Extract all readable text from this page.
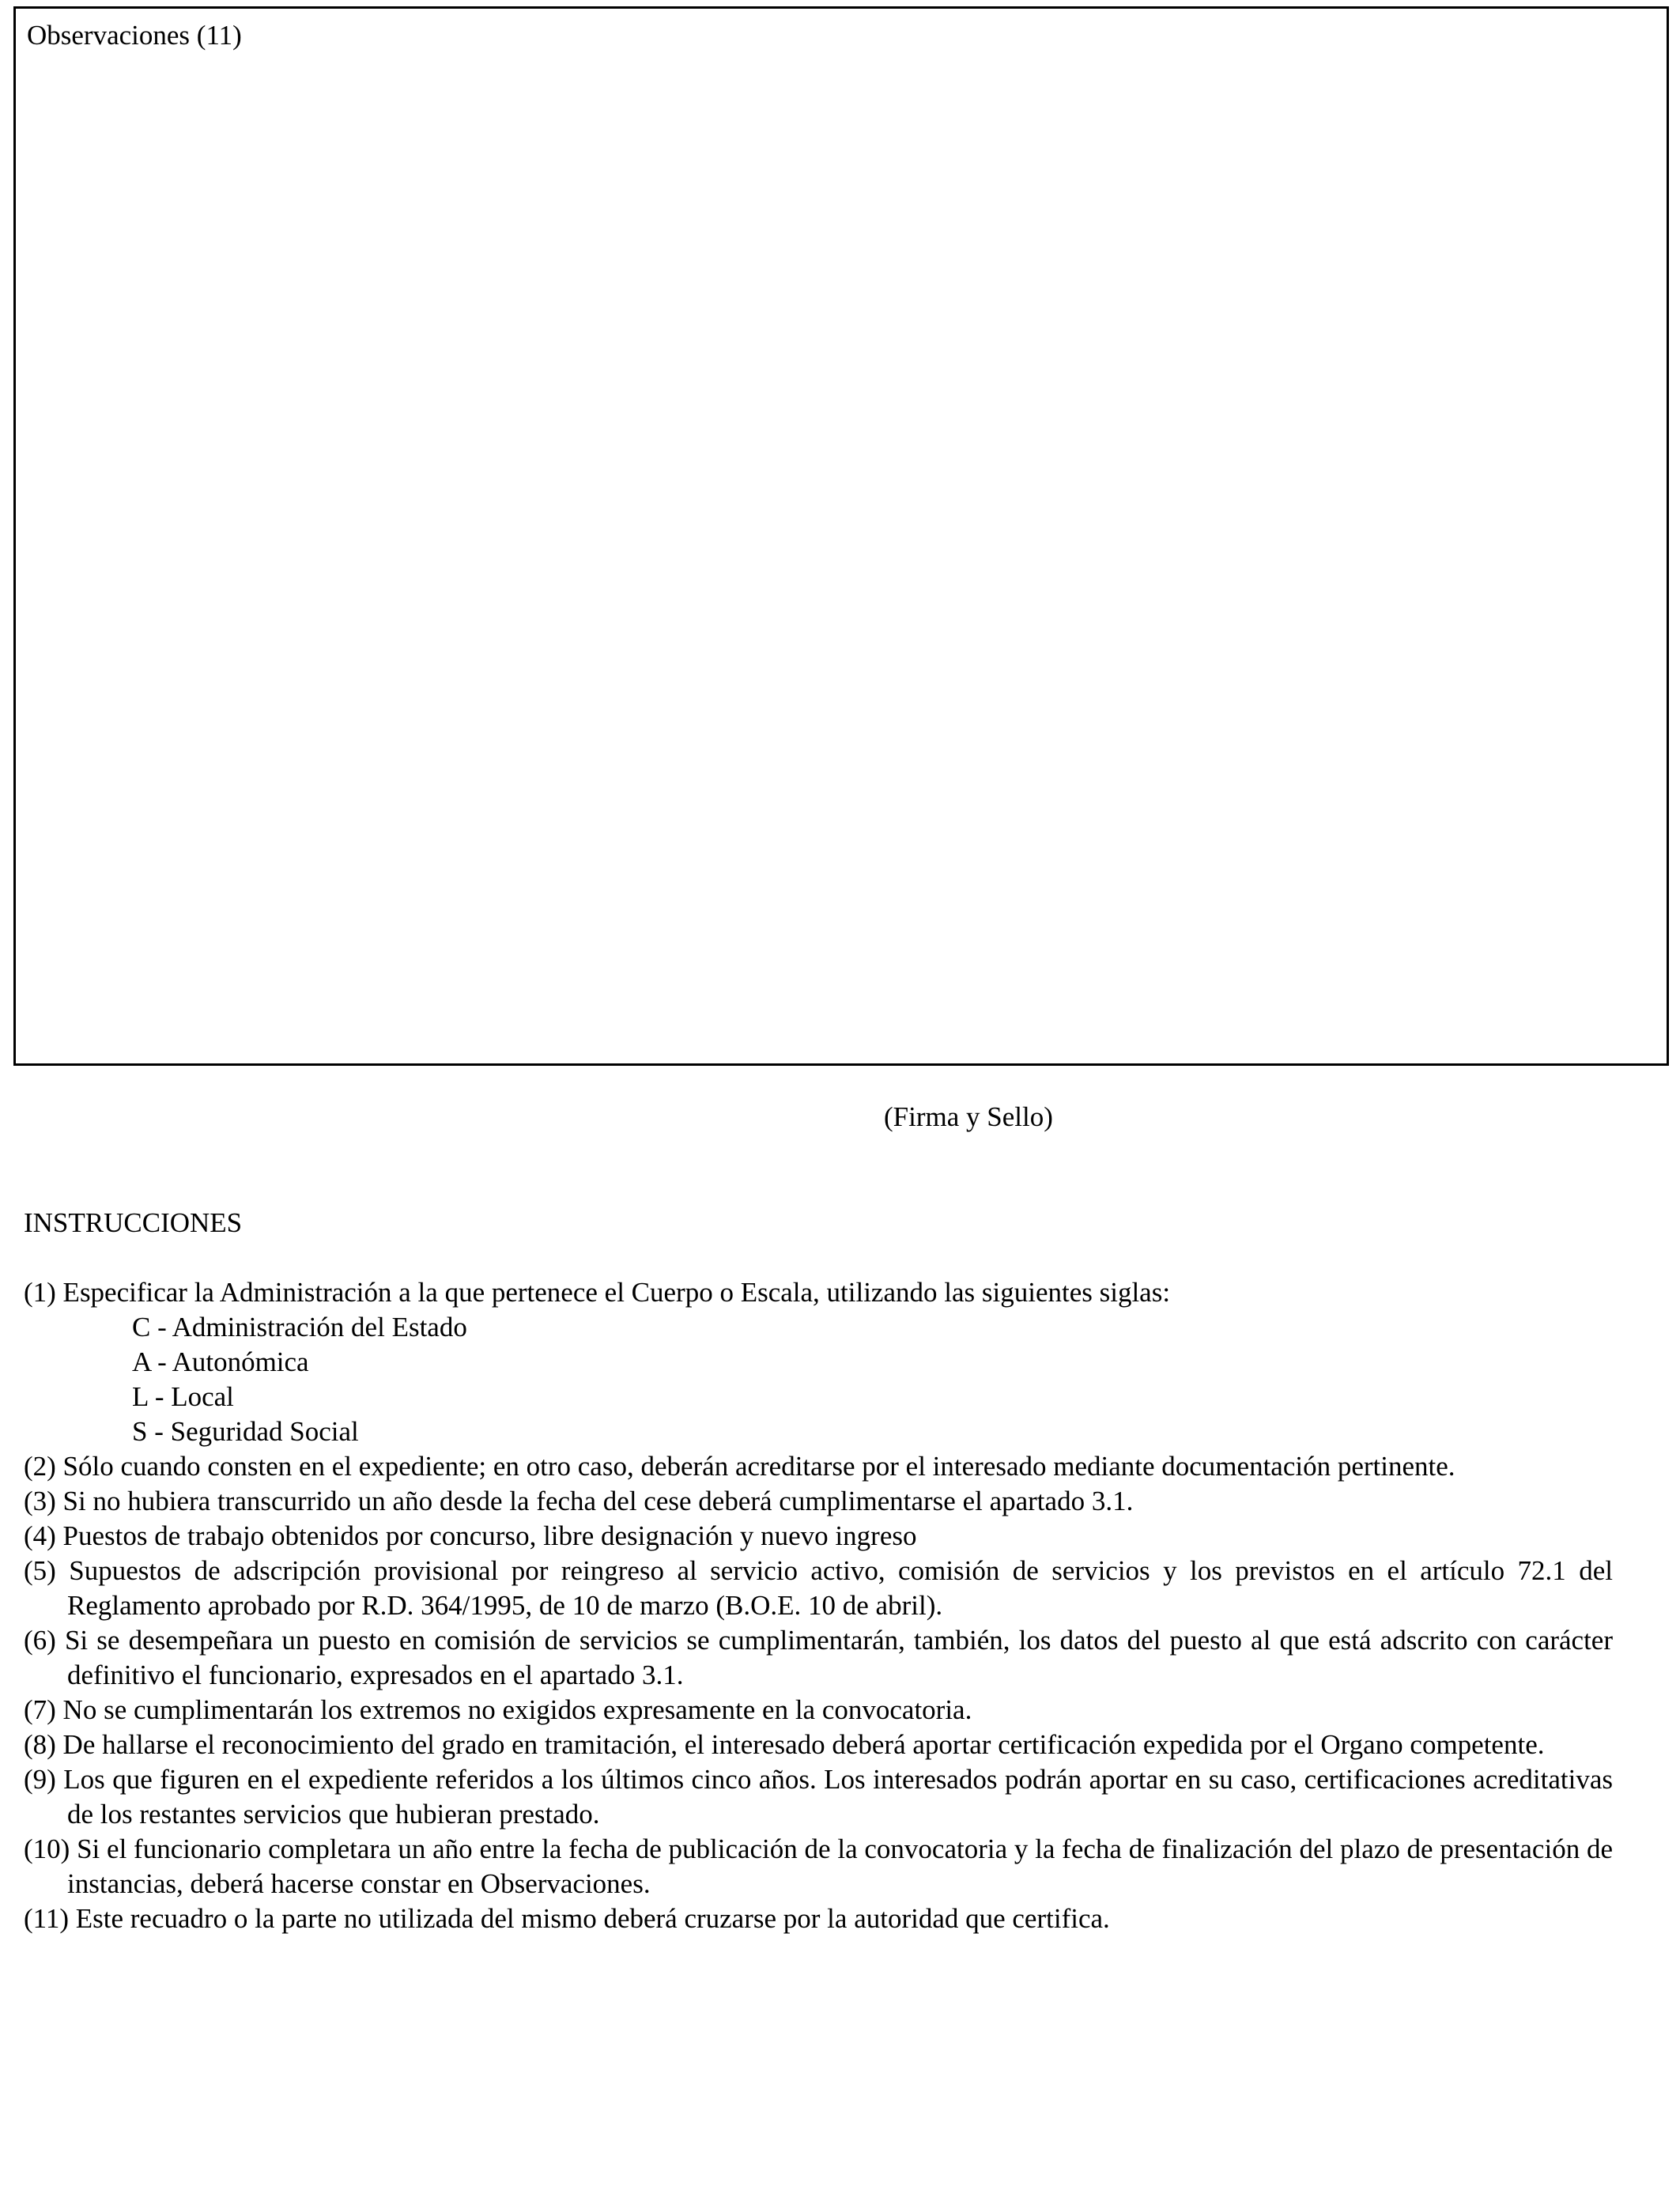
Observaciones (11)
(Firma y Sello)
INSTRUCCIONES

(1) Especificar la Administración a la que pertenece el Cuerpo o Escala, utilizando las siguientes siglas:

C - Administración del Estado
A - Autonómica
L - Local
S - Seguridad Social

(2) Sólo cuando consten en el expediente; en otro caso, deberán acreditarse por el interesado mediante documentación pertinente.

(3) Si no hubiera transcurrido un año desde la fecha del cese deberá cumplimentarse el apartado 3.1.

(4) Puestos de trabajo obtenidos por concurso, libre designación y nuevo ingreso

(5) Supuestos de adscripción provisional por reingreso al servicio activo, comisión de servicios y los previstos en el artículo 72.1 del Reglamento aprobado por R.D. 364/1995, de 10 de marzo (B.O.E. 10 de abril).

(6) Si se desempeñara un puesto en comisión de servicios se cumplimentarán, también, los datos del puesto al que está adscrito con carácter definitivo el funcionario, expresados en el apartado 3.1.

(7) No se cumplimentarán los extremos no exigidos expresamente en la convocatoria.

(8) De hallarse el reconocimiento del grado en tramitación, el interesado deberá aportar certificación expedida por el Organo competente.

(9) Los que figuren en el expediente referidos a los últimos cinco años. Los interesados podrán aportar en su caso, certificaciones acreditativas de los restantes servicios que hubieran prestado.

(10) Si el funcionario completara un año entre la fecha de publicación de la convocatoria y la fecha de finalización del plazo de presentación de instancias, deberá hacerse constar en Observaciones.

(11) Este recuadro o la parte no utilizada del mismo deberá cruzarse por la autoridad que certifica.
